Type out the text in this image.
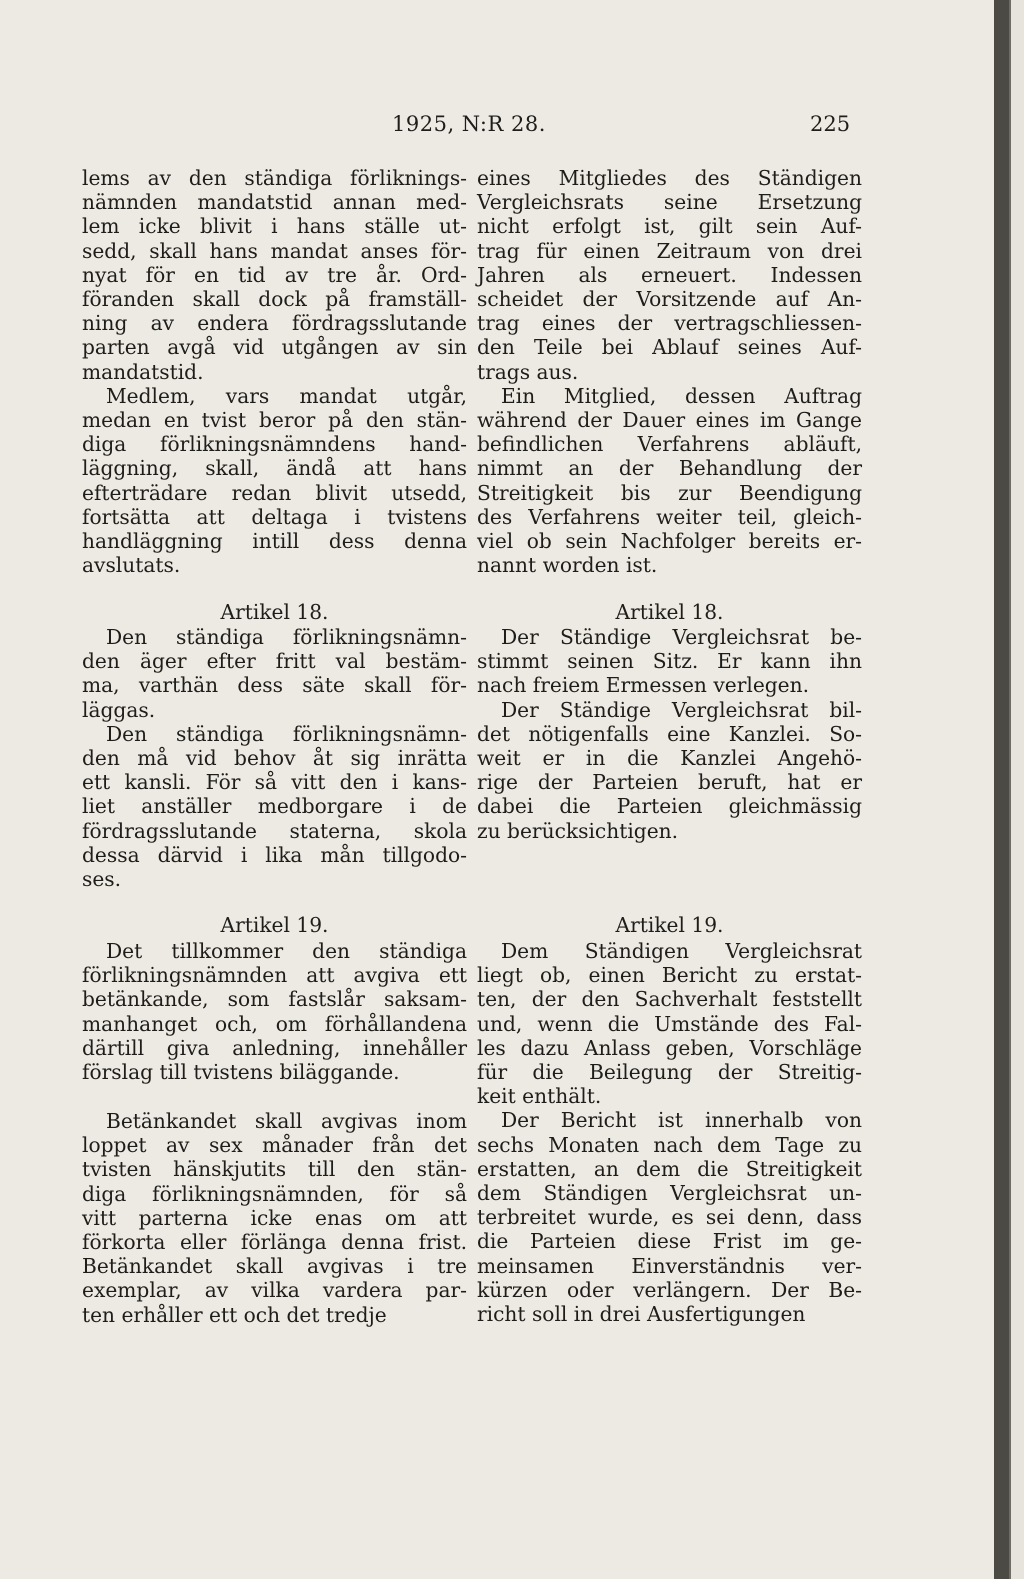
1925, N:R 28.	225

lems av den ständiga förliknings-
nämnden mandatstid annan med-
lem icke blivit i hans ställe ut-
sedd, skall hans mandat anses för-
nyat för en tid av tre år. Ord-
föranden skall dock på framställ-
ning av endera fördragsslutande
parten avgå vid utgången av sin
mandatstid.

Medlem, vars mandat utgår,
medan en tvist beror på den stän-
diga förlikningsnämndens hand-
läggning, skall, ändå att hans
efterträdare redan blivit utsedd,
fortsätta att deltaga i tvistens
handläggning intill dess denna
avslutats.

Artikel 18.

Den ständiga förlikningsnämn-
den äger efter fritt val bestäm-
ma, varthän dess säte skall för-
läggas.

Den ständiga förlikningsnämn-
den må vid behov åt sig inrätta
ett kansli. För så vitt den i kans-
liet anställer medborgare i de
fördragsslutande staterna, skola
dessa därvid i lika mån tillgodo-
ses.

Artikel 19.

Det tillkommer den ständiga
förlikningsnämnden att avgiva ett
betänkande, som fastslår saksam-
manhanget och, om förhållandena
därtill giva anledning, innehåller
förslag till tvistens biläggande.

Betänkandet skall avgivas inom
loppet av sex månader från det
tvisten hänskjutits till den stän-
diga förlikningsnämnden, för så
vitt parterna icke enas om att
förkorta eller förlänga denna frist.
Betänkandet skall avgivas i tre
exemplar, av vilka vardera par-
ten erhåller ett och det tredje

eines Mitgliedes des Ständigen
Vergleichsrats seine Ersetzung
nicht erfolgt ist, gilt sein Auf-
trag für einen Zeitraum von drei
Jahren als erneuert. Indessen
scheidet der Vorsitzende auf An-
trag eines der vertragschliessen-
den Teile bei Ablauf seines Auf-
trags aus.

Ein Mitglied, dessen Auftrag
während der Dauer eines im Gange
befindlichen Verfahrens abläuft,
nimmt an der Behandlung der
Streitigkeit bis zur Beendigung
des Verfahrens weiter teil, gleich-
viel ob sein Nachfolger bereits er-
nannt worden ist.

Artikel 18.

Der Ständige Vergleichsrat be-
stimmt seinen Sitz. Er kann ihn
nach freiem Ermessen verlegen.

Der Ständige Vergleichsrat bil-
det nötigenfalls eine Kanzlei. So-
weit er in die Kanzlei Angehö-
rige der Parteien beruft, hat er
dabei die Parteien gleichmässig
zu berücksichtigen.

Artikel 19.

Dem Ständigen Vergleichsrat
liegt ob, einen Bericht zu erstat-
ten, der den Sachverhalt feststellt
und, wenn die Umstände des Fal-
les dazu Anlass geben, Vorschläge
für die Beilegung der Streitig-
keit enthält.

Der Bericht ist innerhalb von
sechs Monaten nach dem Tage zu
erstatten, an dem die Streitigkeit
dem Ständigen Vergleichsrat un-
terbreitet wurde, es sei denn, dass
die Parteien diese Frist im ge-
meinsamen Einverständnis ver-
kürzen oder verlängern. Der Be-
richt soll in drei Ausfertigungen
